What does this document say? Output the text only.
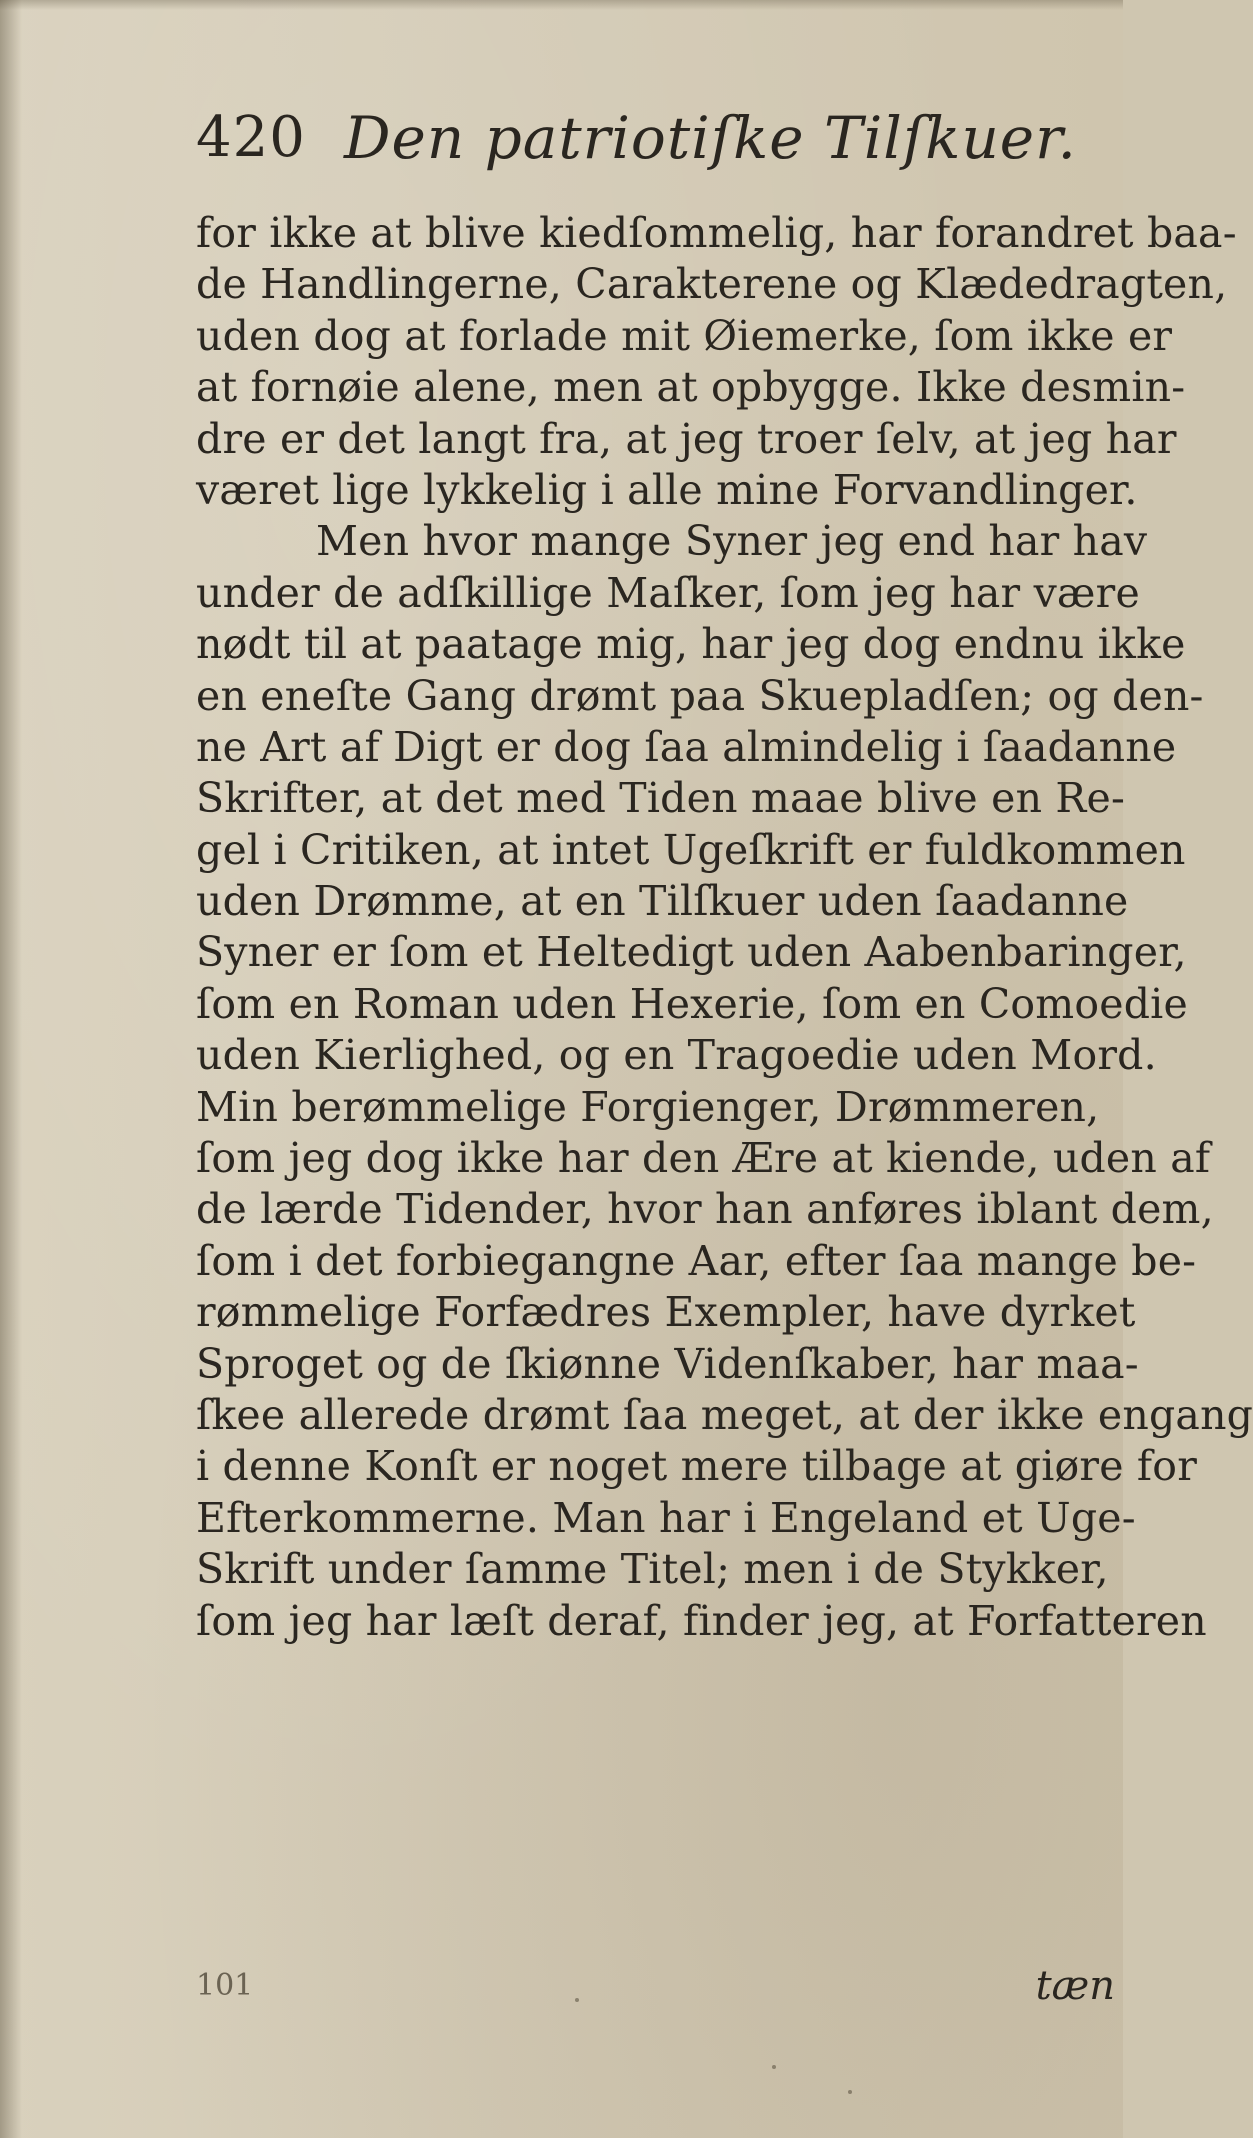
420 Den patriotiſke Tilſkuer.
for ikke at blive kiedſommelig, har forandret baa-
de Handlingerne, Carakterene og Klædedragten,
uden dog at forlade mit Øiemerke, ſom ikke er
at fornøie alene, men at opbygge. Ikke desmin-
dre er det langt fra, at jeg troer ſelv, at jeg har
været lige lykkelig i alle mine Forvandlinger.
Men hvor mange Syner jeg end har hav
under de adſkillige Maſker, ſom jeg har være
nødt til at paatage mig, har jeg dog endnu ikke
en eneſte Gang drømt paa Skuepladſen; og den-
ne Art af Digt er dog ſaa almindelig i ſaadanne
Skrifter, at det med Tiden maae blive en Re-
gel i Critiken, at intet Ugeſkrift er fuldkommen
uden Drømme, at en Tilſkuer uden ſaadanne
Syner er ſom et Heltedigt uden Aabenbaringer,
ſom en Roman uden Hexerie, ſom en Comoedie
uden Kierlighed, og en Tragoedie uden Mord.
Min berømmelige Forgienger, Drømmeren,
ſom jeg dog ikke har den Ære at kiende, uden af
de lærde Tidender, hvor han anføres iblant dem,
ſom i det forbiegangne Aar, efter ſaa mange be-
rømmelige Forfædres Exempler, have dyrket
Sproget og de ſkiønne Videnſkaber, har maa-
ſkee allerede drømt ſaa meget, at der ikke engang
i denne Konſt er noget mere tilbage at giøre for
Efterkommerne. Man har i Engeland et Uge-
Skrift under ſamme Titel; men i de Stykker,
ſom jeg har læſt deraf, finder jeg, at Forfatteren
101	tæn
